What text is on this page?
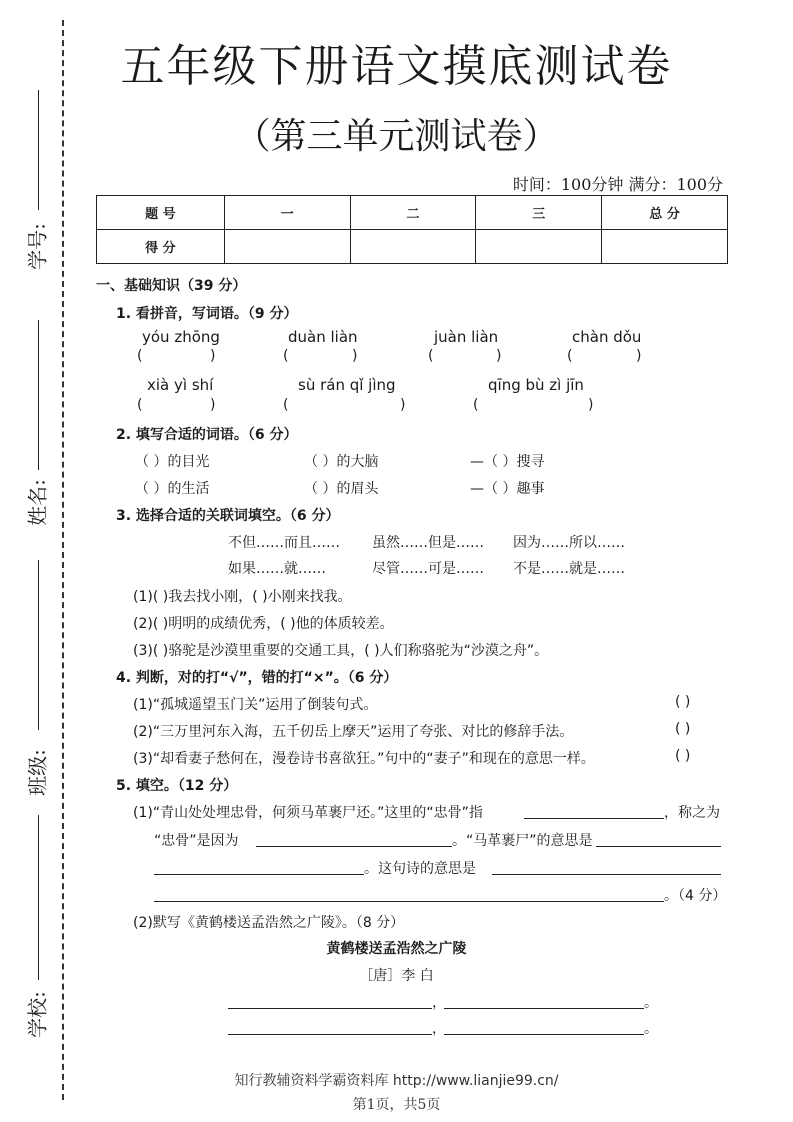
学号:
姓名:
班级:
学校:
五年级下册语文摸底测试卷
（第三单元测试卷）
时间：100分钟 满分：100分
题 号	一	二	三	总 分
得 分				
一、基础知识（39 分）
1. 看拼音，写词语。（9 分）
yóu zhōng	duàn liàn	juàn liàn	chàn dǒu
(	)	(	)	(	)	(	)
xià yì shí	sù rán qǐ jìng	qīng bù zì jīn
(	)	(	)	(	)
2. 填写合适的词语。（6 分）
（ ）的目光	（ ）的大脑	—（ ）搜寻
（ ）的生活	（ ）的眉头	—（ ）趣事
3. 选择合适的关联词填空。（6 分）
不但……而且…… 虽然……但是…… 因为……所以……
如果……就……	尽管……可是…… 不是……就是……
(1)( )我去找小刚，( )小刚来找我。
(2)( )明明的成绩优秀，( )他的体质较差。
(3)( )骆驼是沙漠里重要的交通工具，( )人们称骆驼为“沙漠之舟”。
4. 判断，对的打“√”，错的打“×”。（6 分）
(1)“孤城遥望玉门关”运用了倒装句式。	( )
(2)“三万里河东入海，五千仞岳上摩天”运用了夸张、对比的修辞手法。	( )
(3)“却看妻子愁何在，漫卷诗书喜欲狂。”句中的“妻子”和现在的意思一样。	( )
5. 填空。（12 分）
(1)“青山处处埋忠骨，何须马革裹尸还。”这里的“忠骨”指	，称之为
“忠骨”是因为	。“马革裹尸”的意思是
。这句诗的意思是
。（4 分）
(2)默写《黄鹤楼送孟浩然之广陵》。（8 分）
黄鹤楼送孟浩然之广陵
［唐］李 白
，	。
，	。
知行教辅资料学霸资料库 http://www.lianjie99.cn/
第1页，共5页
